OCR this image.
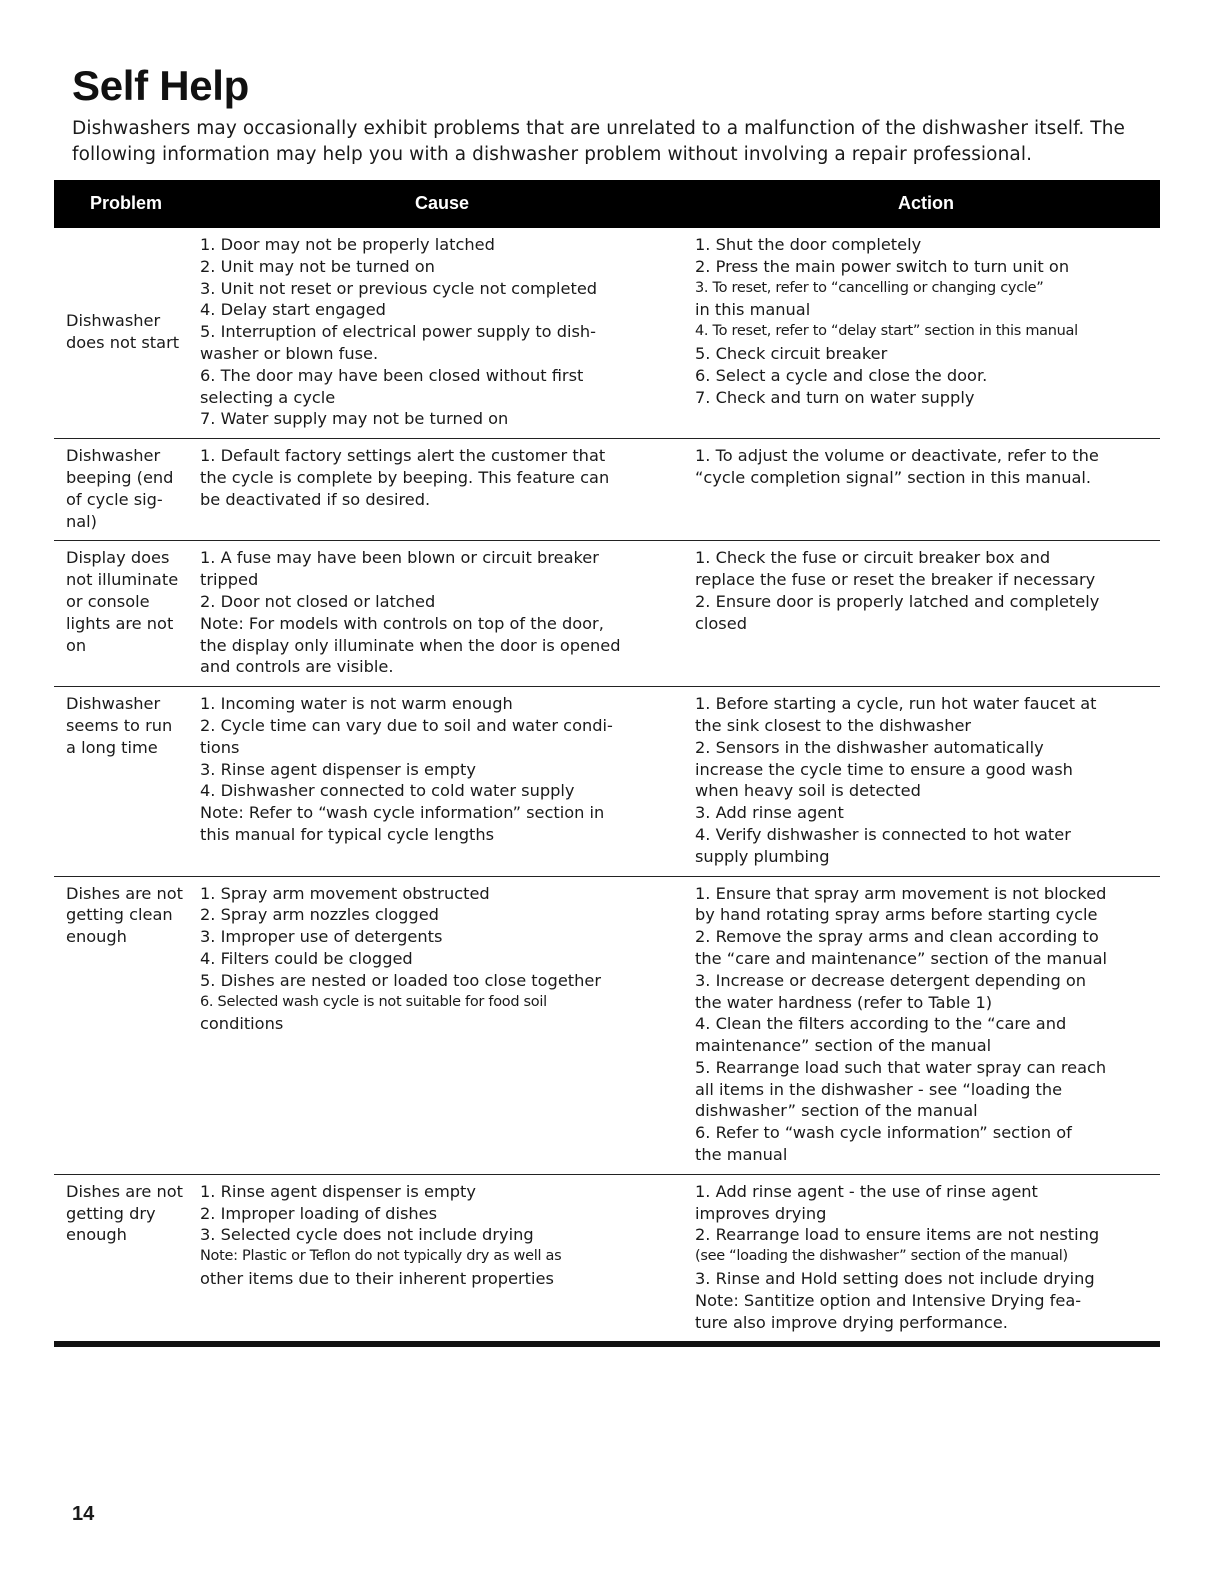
Self Help

Dishwashers may occasionally exhibit problems that are unrelated to a malfunction of the dishwasher itself. The following information may help you with a dishwasher problem without involving a repair professional.

Problem	Cause	Action
Dishwasher
does not start
1. Door may not be properly latched
2. Unit may not be turned on
3. Unit not reset or previous cycle not completed
4. Delay start engaged
5. Interruption of electrical power supply to dish-
washer or blown fuse.
6. The door may have been closed without first
selecting a cycle
7. Water supply may not be turned on
1. Shut the door completely
2. Press the main power switch to turn unit on
3. To reset, refer to “cancelling or changing cycle”
in this manual
4. To reset, refer to “delay start” section in this manual
5. Check circuit breaker
6. Select a cycle and close the door.
7. Check and turn on water supply
Dishwasher
beeping (end
of cycle sig-
nal)
1. Default factory settings alert the customer that
the cycle is complete by beeping. This feature can
be deactivated if so desired.
1. To adjust the volume or deactivate, refer to the
“cycle completion signal” section in this manual.
Display does
not illuminate
or console
lights are not
on
1. A fuse may have been blown or circuit breaker
tripped
2. Door not closed or latched
Note: For models with controls on top of the door,
the display only illuminate when the door is opened
and controls are visible.
1. Check the fuse or circuit breaker box and
replace the fuse or reset the breaker if necessary
2. Ensure door is properly latched and completely
closed
Dishwasher
seems to run
a long time
1. Incoming water is not warm enough
2. Cycle time can vary due to soil and water condi-
tions
3. Rinse agent dispenser is empty
4. Dishwasher connected to cold water supply
Note: Refer to “wash cycle information” section in
this manual for typical cycle lengths
1. Before starting a cycle, run hot water faucet at
the sink closest to the dishwasher
2. Sensors in the dishwasher automatically
increase the cycle time to ensure a good wash
when heavy soil is detected
3. Add rinse agent
4. Verify dishwasher is connected to hot water
supply plumbing
Dishes are not
getting clean
enough
1. Spray arm movement obstructed
2. Spray arm nozzles clogged
3. Improper use of detergents
4. Filters could be clogged
5. Dishes are nested or loaded too close together
6. Selected wash cycle is not suitable for food soil
conditions
1. Ensure that spray arm movement is not blocked
by hand rotating spray arms before starting cycle
2. Remove the spray arms and clean according to
the “care and maintenance” section of the manual
3. Increase or decrease detergent depending on
the water hardness (refer to Table 1)
4. Clean the filters according to the “care and
maintenance” section of the manual
5. Rearrange load such that water spray can reach
all items in the dishwasher - see “loading the
dishwasher” section of the manual
6. Refer to “wash cycle information” section of
the manual
Dishes are not
getting dry
enough
1. Rinse agent dispenser is empty
2. Improper loading of dishes
3. Selected cycle does not include drying
Note: Plastic or Teflon do not typically dry as well as
other items due to their inherent properties
1. Add rinse agent - the use of rinse agent
improves drying
2. Rearrange load to ensure items are not nesting
(see “loading the dishwasher” section of the manual)
3. Rinse and Hold setting does not include drying
Note: Santitize option and Intensive Drying fea-
ture also improve drying performance.
14
